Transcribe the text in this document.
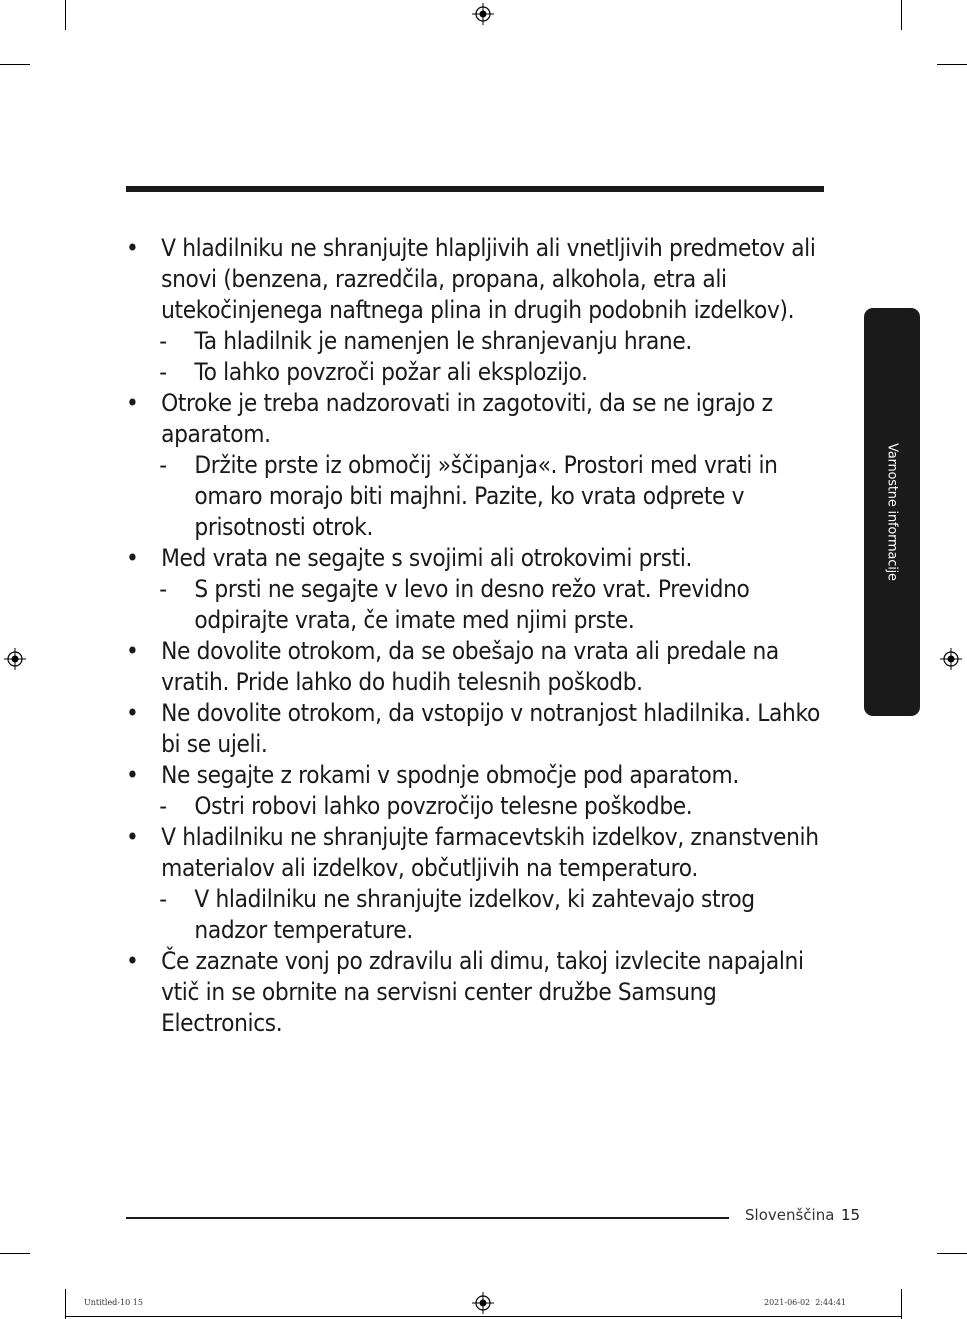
Varnostne informacije
• V hladilniku ne shranjujte hlapljivih ali vnetljivih predmetov ali snovi (benzena, razredčila, propana, alkohola, etra ali utekočinjenega naftnega plina in drugih podobnih izdelkov).
- Ta hladilnik je namenjen le shranjevanju hrane.
- To lahko povzroči požar ali eksplozijo.
• Otroke je treba nadzorovati in zagotoviti, da se ne igrajo z aparatom.
- Držite prste iz območij »ščipanja«. Prostori med vrati in omaro morajo biti majhni. Pazite, ko vrata odprete v prisotnosti otrok.
• Med vrata ne segajte s svojimi ali otrokovimi prsti.
- S prsti ne segajte v levo in desno režo vrat. Previdno odpirajte vrata, če imate med njimi prste.
• Ne dovolite otrokom, da se obešajo na vrata ali predale na vratih. Pride lahko do hudih telesnih poškodb.
• Ne dovolite otrokom, da vstopijo v notranjost hladilnika. Lahko bi se ujeli.
• Ne segajte z rokami v spodnje območje pod aparatom.
- Ostri robovi lahko povzročijo telesne poškodbe.
• V hladilniku ne shranjujte farmacevtskih izdelkov, znanstvenih materialov ali izdelkov, občutljivih na temperaturo.
- V hladilniku ne shranjujte izdelkov, ki zahtevajo strog nadzor temperature.
• Če zaznate vonj po zdravilu ali dimu, takoj izvlecite napajalni vtič in se obrnite na servisni center družbe Samsung Electronics.
Slovenščina 15
Untitled-10 15	2021-06-02 ￼￼ 2:44:41
